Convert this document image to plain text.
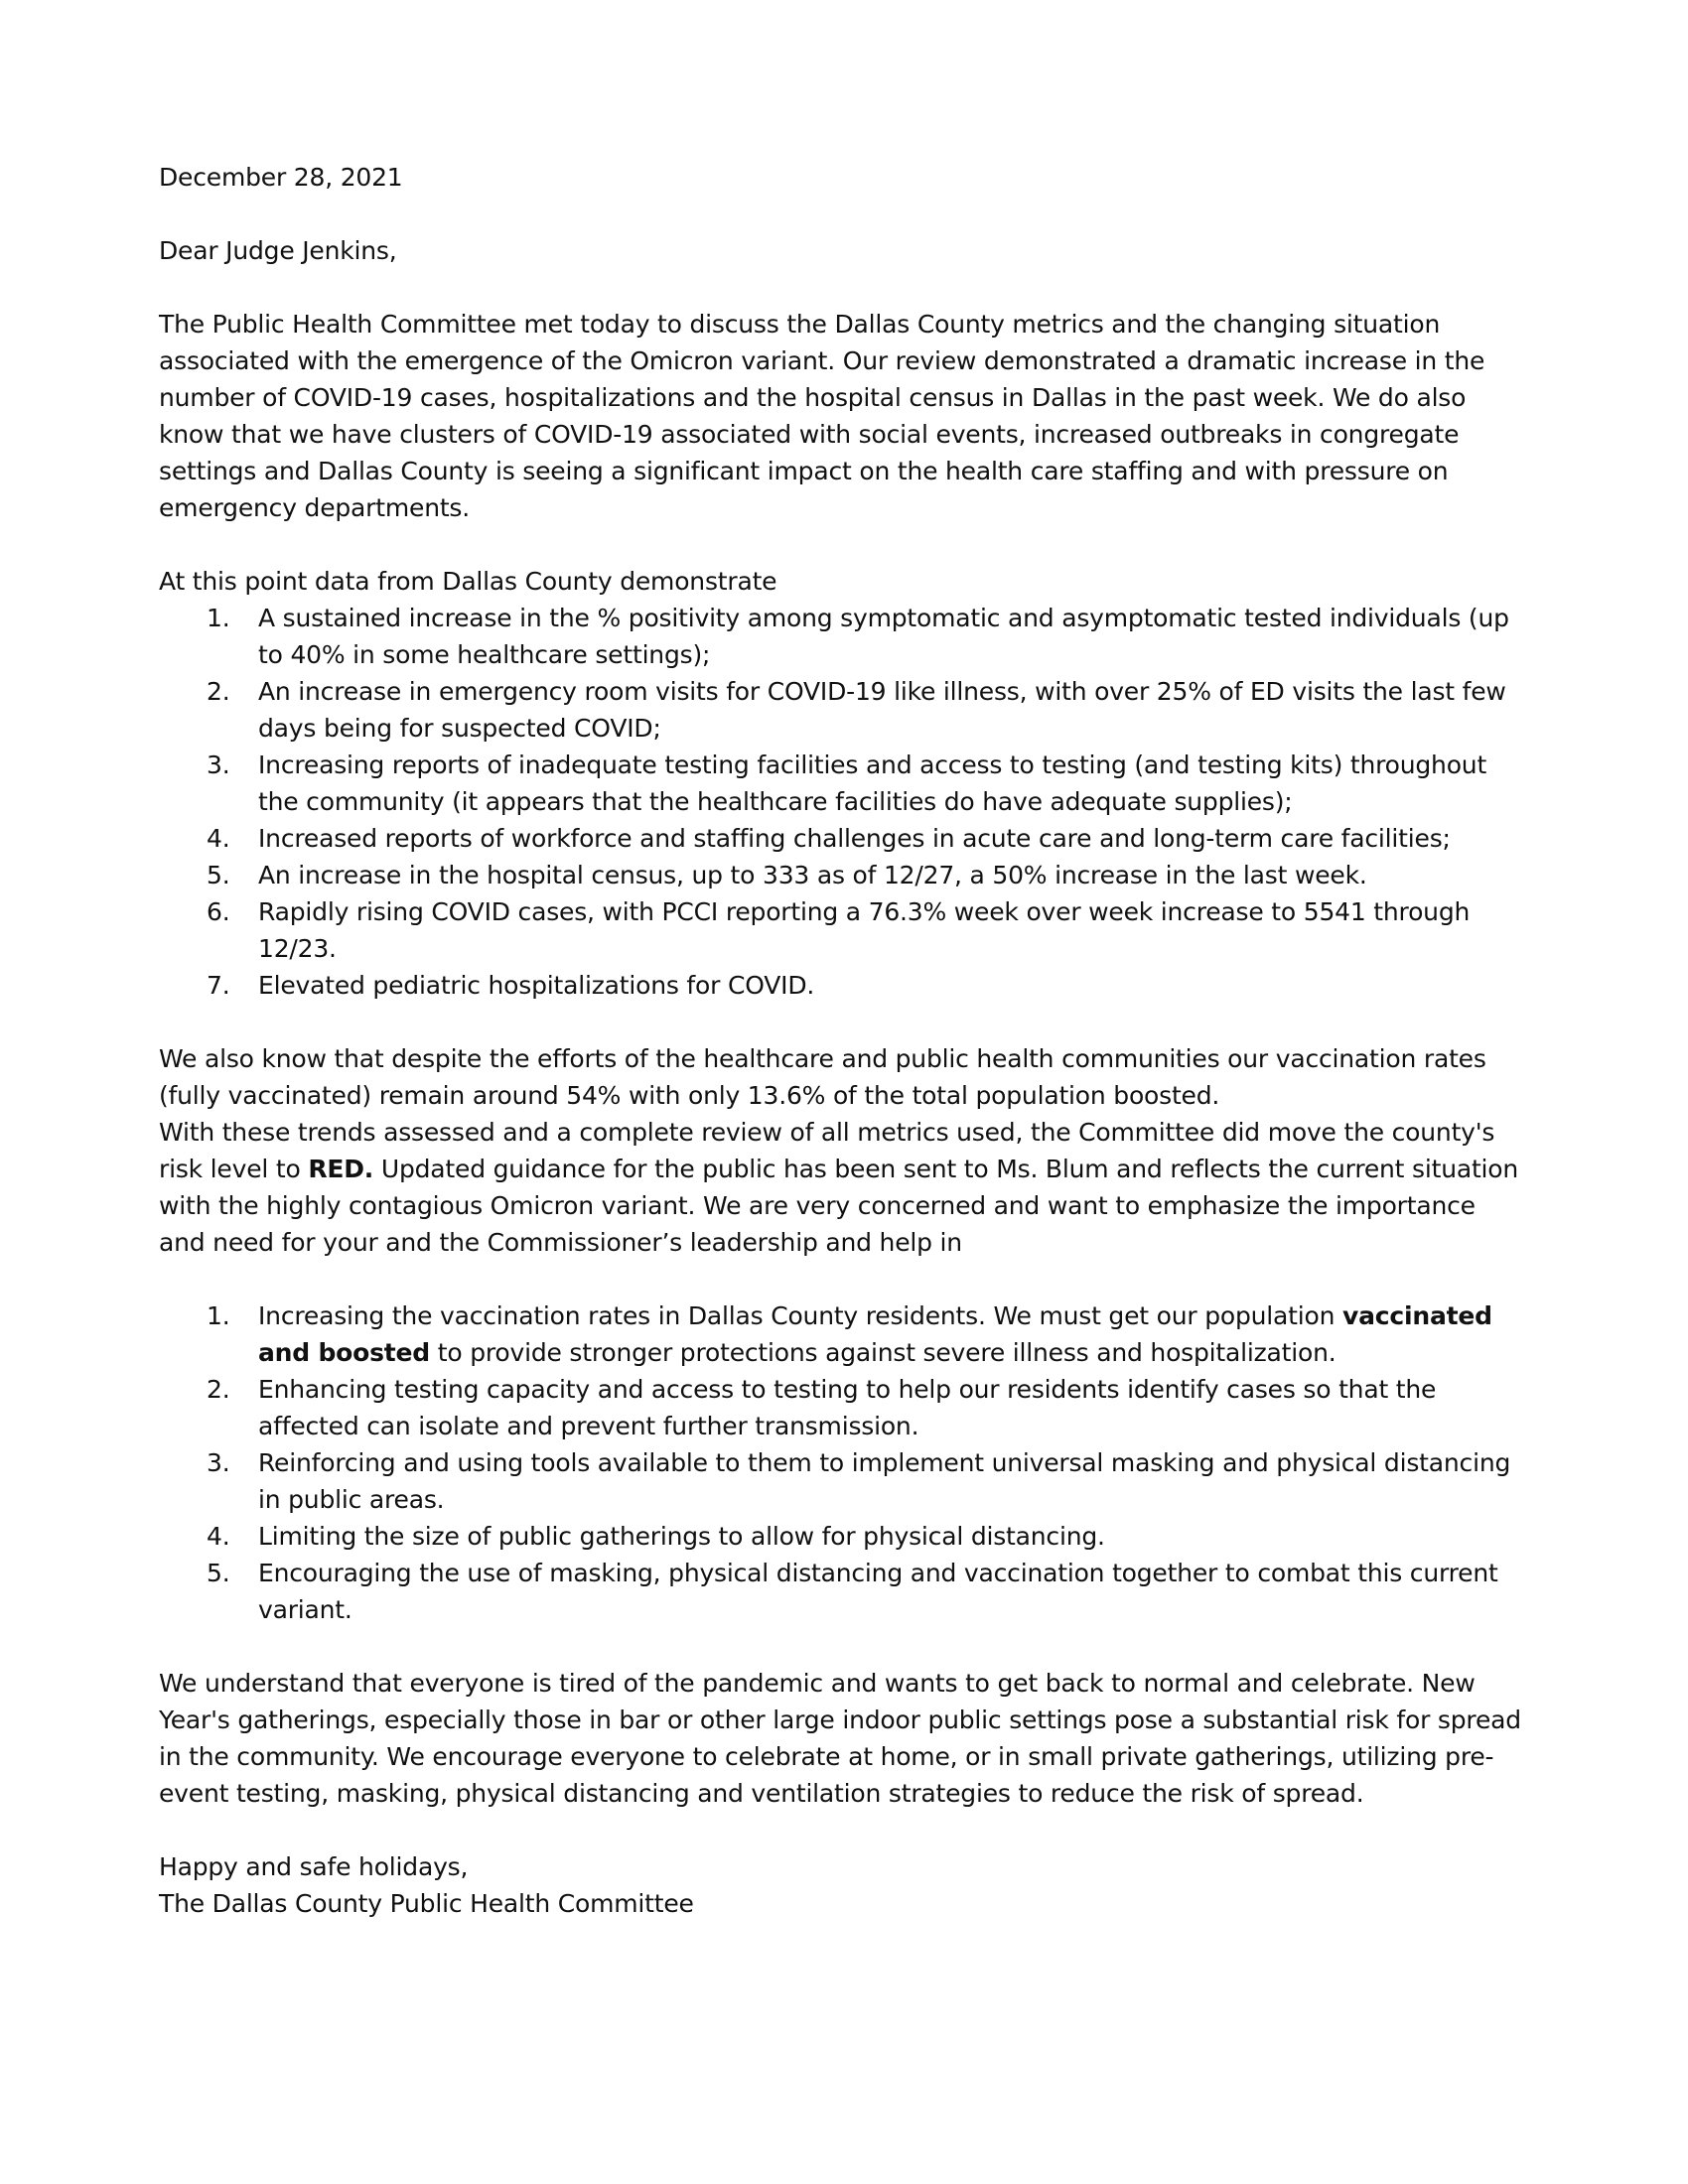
December 28, 2021

Dear Judge Jenkins,

The Public Health Committee met today to discuss the Dallas County metrics and the changing situation associated with the emergence of the Omicron variant. Our review demonstrated a dramatic increase in the number of COVID-19 cases, hospitalizations and the hospital census in Dallas in the past week. We do also know that we have clusters of COVID-19 associated with social events, increased outbreaks in congregate settings and Dallas County is seeing a significant impact on the health care staffing and with pressure on emergency departments.

At this point data from Dallas County demonstrate

1.	A sustained increase in the % positivity among symptomatic and asymptomatic tested individuals (up to 40% in some healthcare settings);
2.	An increase in emergency room visits for COVID-19 like illness, with over 25% of ED visits the last few days being for suspected COVID;
3.	Increasing reports of inadequate testing facilities and access to testing (and testing kits) throughout the community (it appears that the healthcare facilities do have adequate supplies);
4.	Increased reports of workforce and staffing challenges in acute care and long-term care facilities;
5.	An increase in the hospital census, up to 333 as of 12/27, a 50% increase in the last week.
6.	Rapidly rising COVID cases, with PCCI reporting a 76.3% week over week increase to 5541 through 12/23.
7.	Elevated pediatric hospitalizations for COVID.

We also know that despite the efforts of the healthcare and public health communities our vaccination rates (fully vaccinated) remain around 54% with only 13.6% of the total population boosted.

With these trends assessed and a complete review of all metrics used, the Committee did move the county's risk level to RED. Updated guidance for the public has been sent to Ms. Blum and reflects the current situation with the highly contagious Omicron variant. We are very concerned and want to emphasize the importance and need for your and the Commissioner’s leadership and help in

1.	Increasing the vaccination rates in Dallas County residents. We must get our population vaccinated and boosted to provide stronger protections against severe illness and hospitalization.
2.	Enhancing testing capacity and access to testing to help our residents identify cases so that the affected can isolate and prevent further transmission.
3.	Reinforcing and using tools available to them to implement universal masking and physical distancing in public areas.
4.	Limiting the size of public gatherings to allow for physical distancing.
5.	Encouraging the use of masking, physical distancing and vaccination together to combat this current variant.

We understand that everyone is tired of the pandemic and wants to get back to normal and celebrate. New Year's gatherings, especially those in bar or other large indoor public settings pose a substantial risk for spread in the community. We encourage everyone to celebrate at home, or in small private gatherings, utilizing pre-event testing, masking, physical distancing and ventilation strategies to reduce the risk of spread.

Happy and safe holidays,

The Dallas County Public Health Committee
